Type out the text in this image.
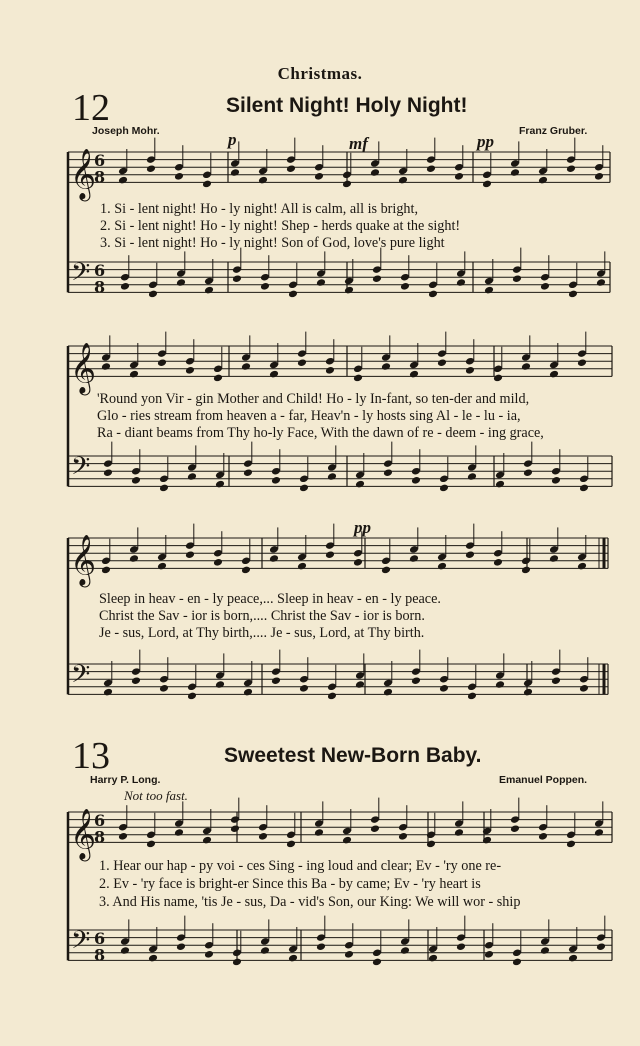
Christmas.
12	Silent Night! Holy Night!
Joseph Mohr.	Franz Gruber.
p	mf	pp
pp
1. Si - lent night! Ho - ly night! All is calm, all is bright,
2. Si - lent night! Ho - ly night! Shep - herds quake at the sight!
3. Si - lent night! Ho - ly night! Son of God, love's pure light
'Round yon Vir - gin Mother and Child! Ho - ly In-fant, so ten-der and mild,
Glo - ries stream from heaven a - far, Heav'n - ly hosts sing Al - le - lu - ia,
Ra - diant beams from Thy ho-ly Face, With the dawn of re - deem - ing grace,
Sleep in heav - en - ly peace,... Sleep in heav - en - ly peace.
Christ the Sav - ior is born,.... Christ the Sav - ior is born.
Je - sus, Lord, at Thy birth,.... Je - sus, Lord, at Thy birth.
13	Sweetest New-Born Baby.
Harry P. Long.	Emanuel Poppen.
Not too fast.
1. Hear our hap - py voi - ces Sing - ing loud and clear; Ev - 'ry one re-
2. Ev - 'ry face is bright-er Since this Ba - by came; Ev - 'ry heart is
3. And His name, 'tis Je - sus, Da - vid's Son, our King: We will wor - ship
𝄞
𝄢
6
8
6
8
𝄞
𝄢
𝄞
𝄢
𝄞
𝄢
6
8
6
8
